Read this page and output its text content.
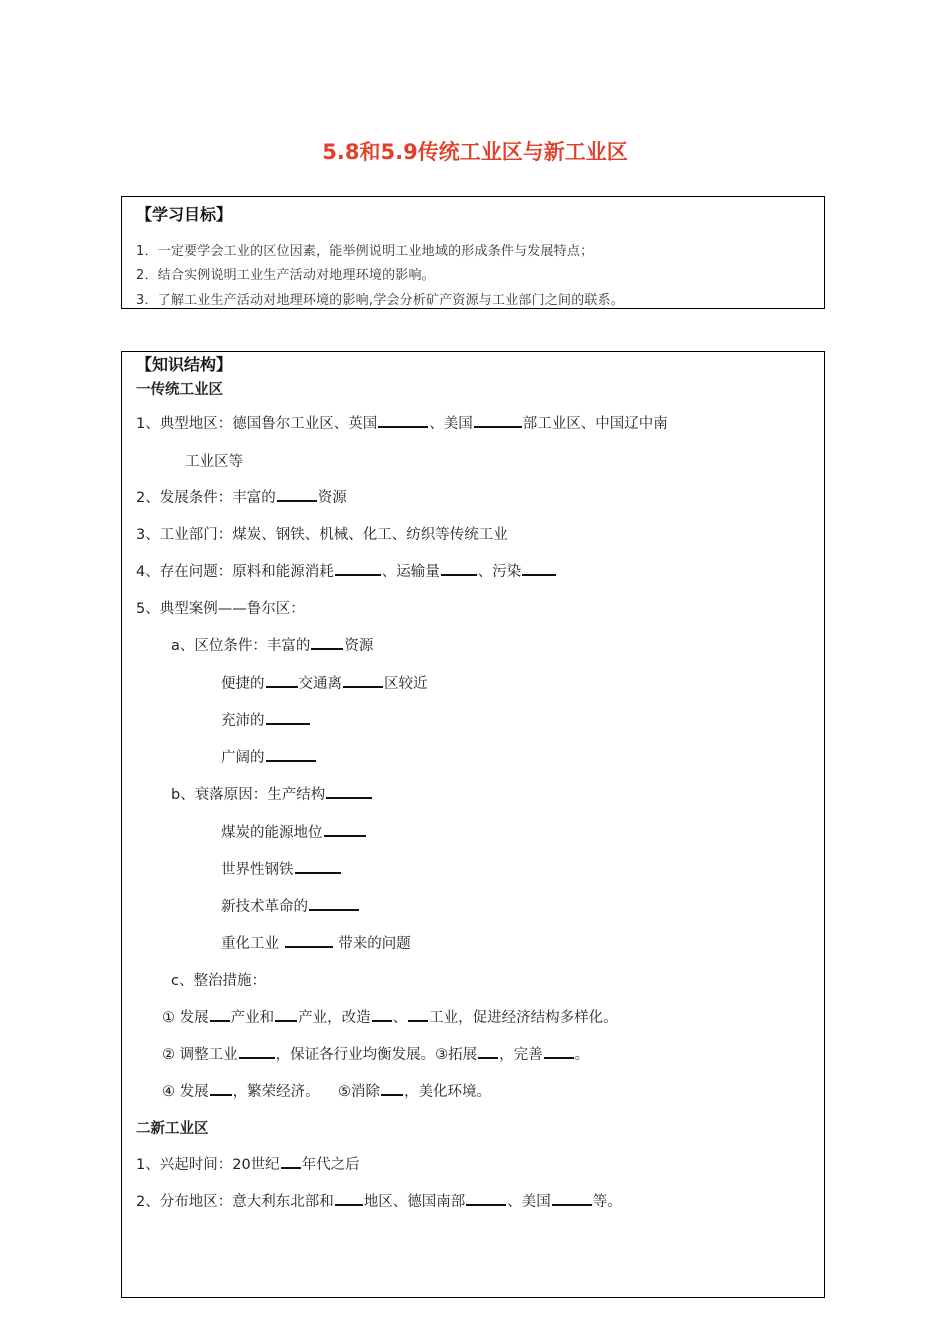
5.8和5.9传统工业区与新工业区
【学习目标】
1．一定要学会工业的区位因素，能举例说明工业地域的形成条件与发展特点；
2．结合实例说明工业生产活动对地理环境的影响。
3．了解工业生产活动对地理环境的影响,学会分析矿产资源与工业部门之间的联系。
【知识结构】
一传统工业区
1、典型地区：德国鲁尔工业区、英国	、美国	部工业区、中国辽中南
工业区等
2、发展条件：丰富的	资源
3、工业部门：煤炭、钢铁、机械、化工、纺织等传统工业
4、存在问题：原料和能源消耗	、运输量	、污染
5、典型案例——鲁尔区：
a、区位条件：丰富的 资源
便捷的 交通离	区较近
充沛的
广阔的
b、衰落原因：生产结构
煤炭的能源地位
世界性钢铁
新技术革命的
重化工业	带来的问题
c、整治措施：
① 发展 产业和 产业，改造 、 工业，促进经济结构多样化。
② 调整工业	，保证各行业均衡发展。③拓展 ，完善 。
④ 发展 ，繁荣经济。 ⑤消除 ，美化环境。
二新工业区
1、兴起时间：20世纪 年代之后
2、分布地区：意大利东北部和 地区、德国南部	、美国	等。
